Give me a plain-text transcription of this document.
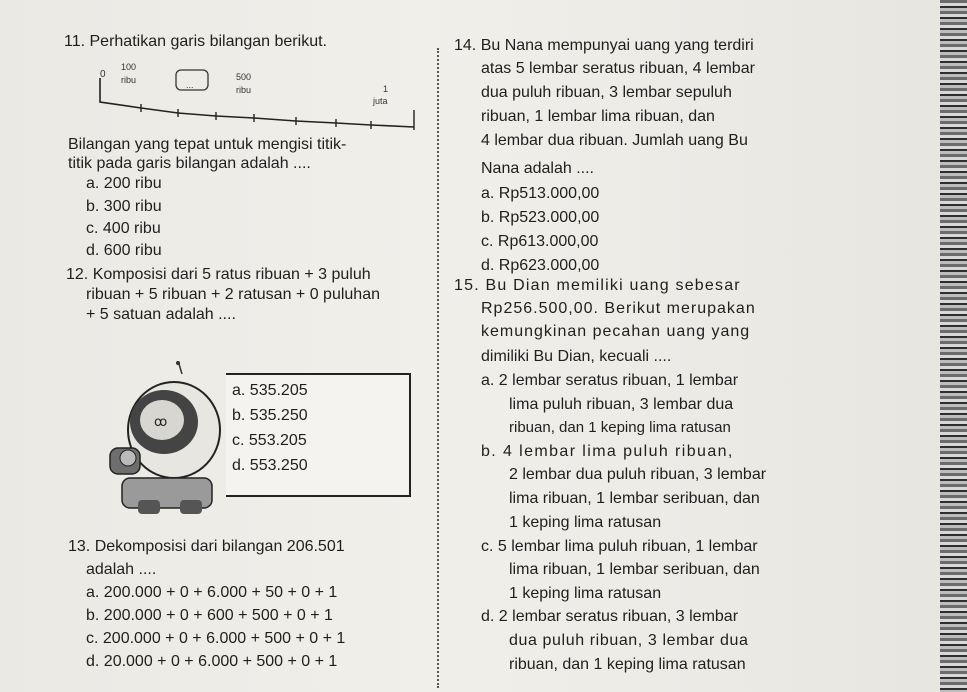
11. Perhatikan garis bilangan berikut.
0
100
ribu	...
500
ribu	1
juta
Bilangan yang tepat untuk mengisi titik-
titik pada garis bilangan adalah ....
a. 200 ribu
b. 300 ribu
c. 400 ribu
d. 600 ribu
12. Komposisi dari 5 ratus ribuan + 3 puluh
ribuan + 5 ribuan + 2 ratusan + 0 puluhan
+ 5 satuan adalah ....
ꝏ
a. 535.205
b. 535.250
c. 553.205
d. 553.250
13. Dekomposisi dari bilangan 206.501
adalah ....
a. 200.000 + 0 + 6.000 + 50 + 0 + 1
b. 200.000 + 0 + 600 + 500 + 0 + 1
c. 200.000 + 0 + 6.000 + 500 + 0 + 1
d. 20.000 + 0 + 6.000 + 500 + 0 + 1
14. Bu Nana mempunyai uang yang terdiri
atas 5 lembar seratus ribuan, 4 lembar
dua puluh ribuan, 3 lembar sepuluh
ribuan, 1 lembar lima ribuan, dan
4 lembar dua ribuan. Jumlah uang Bu
Nana adalah ....
a. Rp513.000,00
b. Rp523.000,00
c. Rp613.000,00
d. Rp623.000,00
15. Bu Dian memiliki uang sebesar
Rp256.500,00. Berikut merupakan
kemungkinan pecahan uang yang
dimiliki Bu Dian, kecuali ....
a. 2 lembar seratus ribuan, 1 lembar
lima puluh ribuan, 3 lembar dua
ribuan, dan 1 keping lima ratusan
b. 4 lembar lima puluh ribuan,
2 lembar dua puluh ribuan, 3 lembar
lima ribuan, 1 lembar seribuan, dan
1 keping lima ratusan
c. 5 lembar lima puluh ribuan, 1 lembar
lima ribuan, 1 lembar seribuan, dan
1 keping lima ratusan
d. 2 lembar seratus ribuan, 3 lembar
dua puluh ribuan, 3 lembar dua
ribuan, dan 1 keping lima ratusan
